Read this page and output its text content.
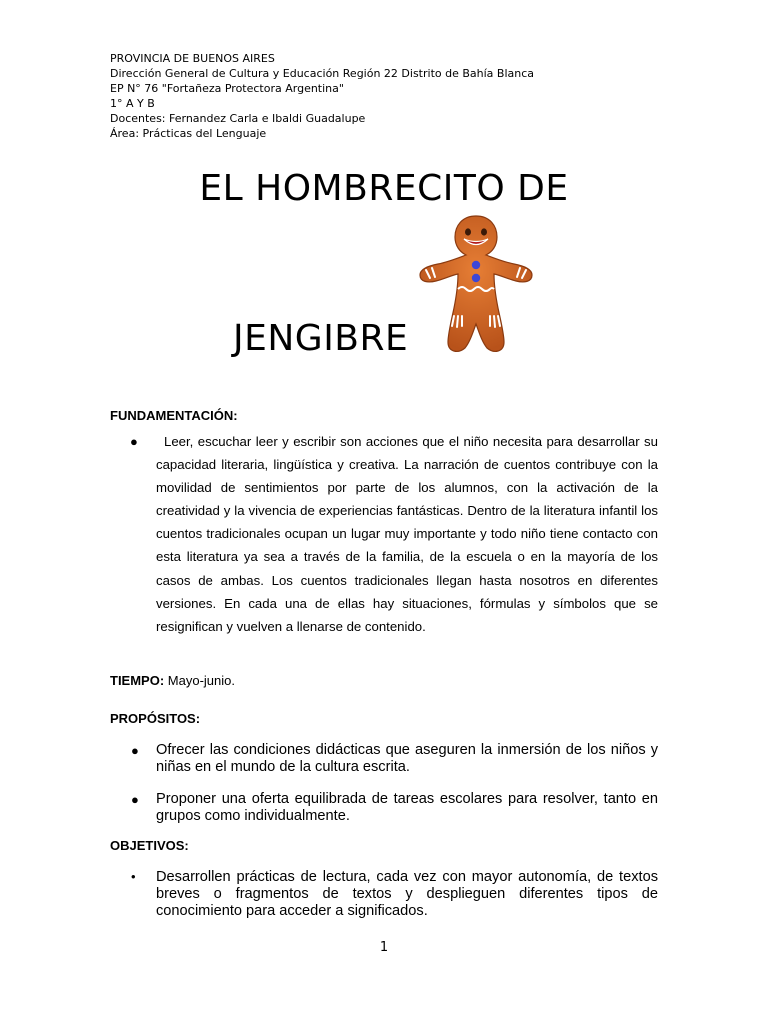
PROVINCIA DE BUENOS AIRES
Dirección General de Cultura y Educación Región 22 Distrito de Bahía Blanca
EP N° 76 "Fortañeza Protectora Argentina"
1° A Y B
Docentes: Fernandez Carla e Ibaldi Guadalupe
Área: Prácticas del Lenguaje
EL HOMBRECITO DE
JENGIBRE
FUNDAMENTACIÓN:
●	Leer, escuchar leer y escribir son acciones que el niño necesita para desarrollar su capacidad literaria, lingüística y creativa. La narración de cuentos contribuye con la movilidad de sentimientos por parte de los alumnos, con la activación de la creatividad y la vivencia de experiencias fantásticas. Dentro de la literatura infantil los cuentos tradicionales ocupan un lugar muy importante y todo niño tiene contacto con esta literatura ya sea a través de la familia, de la escuela o en la mayoría de los casos de ambas. Los cuentos tradicionales llegan hasta nosotros en diferentes versiones. En cada una de ellas hay situaciones, fórmulas y símbolos que se resignifican y vuelven a llenarse de contenido.
TIEMPO: Mayo-junio.
PROPÓSITOS:
● Ofrecer las condiciones didácticas que aseguren la inmersión de los niños y niñas en el mundo de la cultura escrita.
● Proponer una oferta equilibrada de tareas escolares para resolver, tanto en grupos como individualmente.
OBJETIVOS:
• Desarrollen prácticas de lectura, cada vez con mayor autonomía, de textos breves o fragmentos de textos y desplieguen diferentes tipos de conocimiento para acceder a significados.
1
